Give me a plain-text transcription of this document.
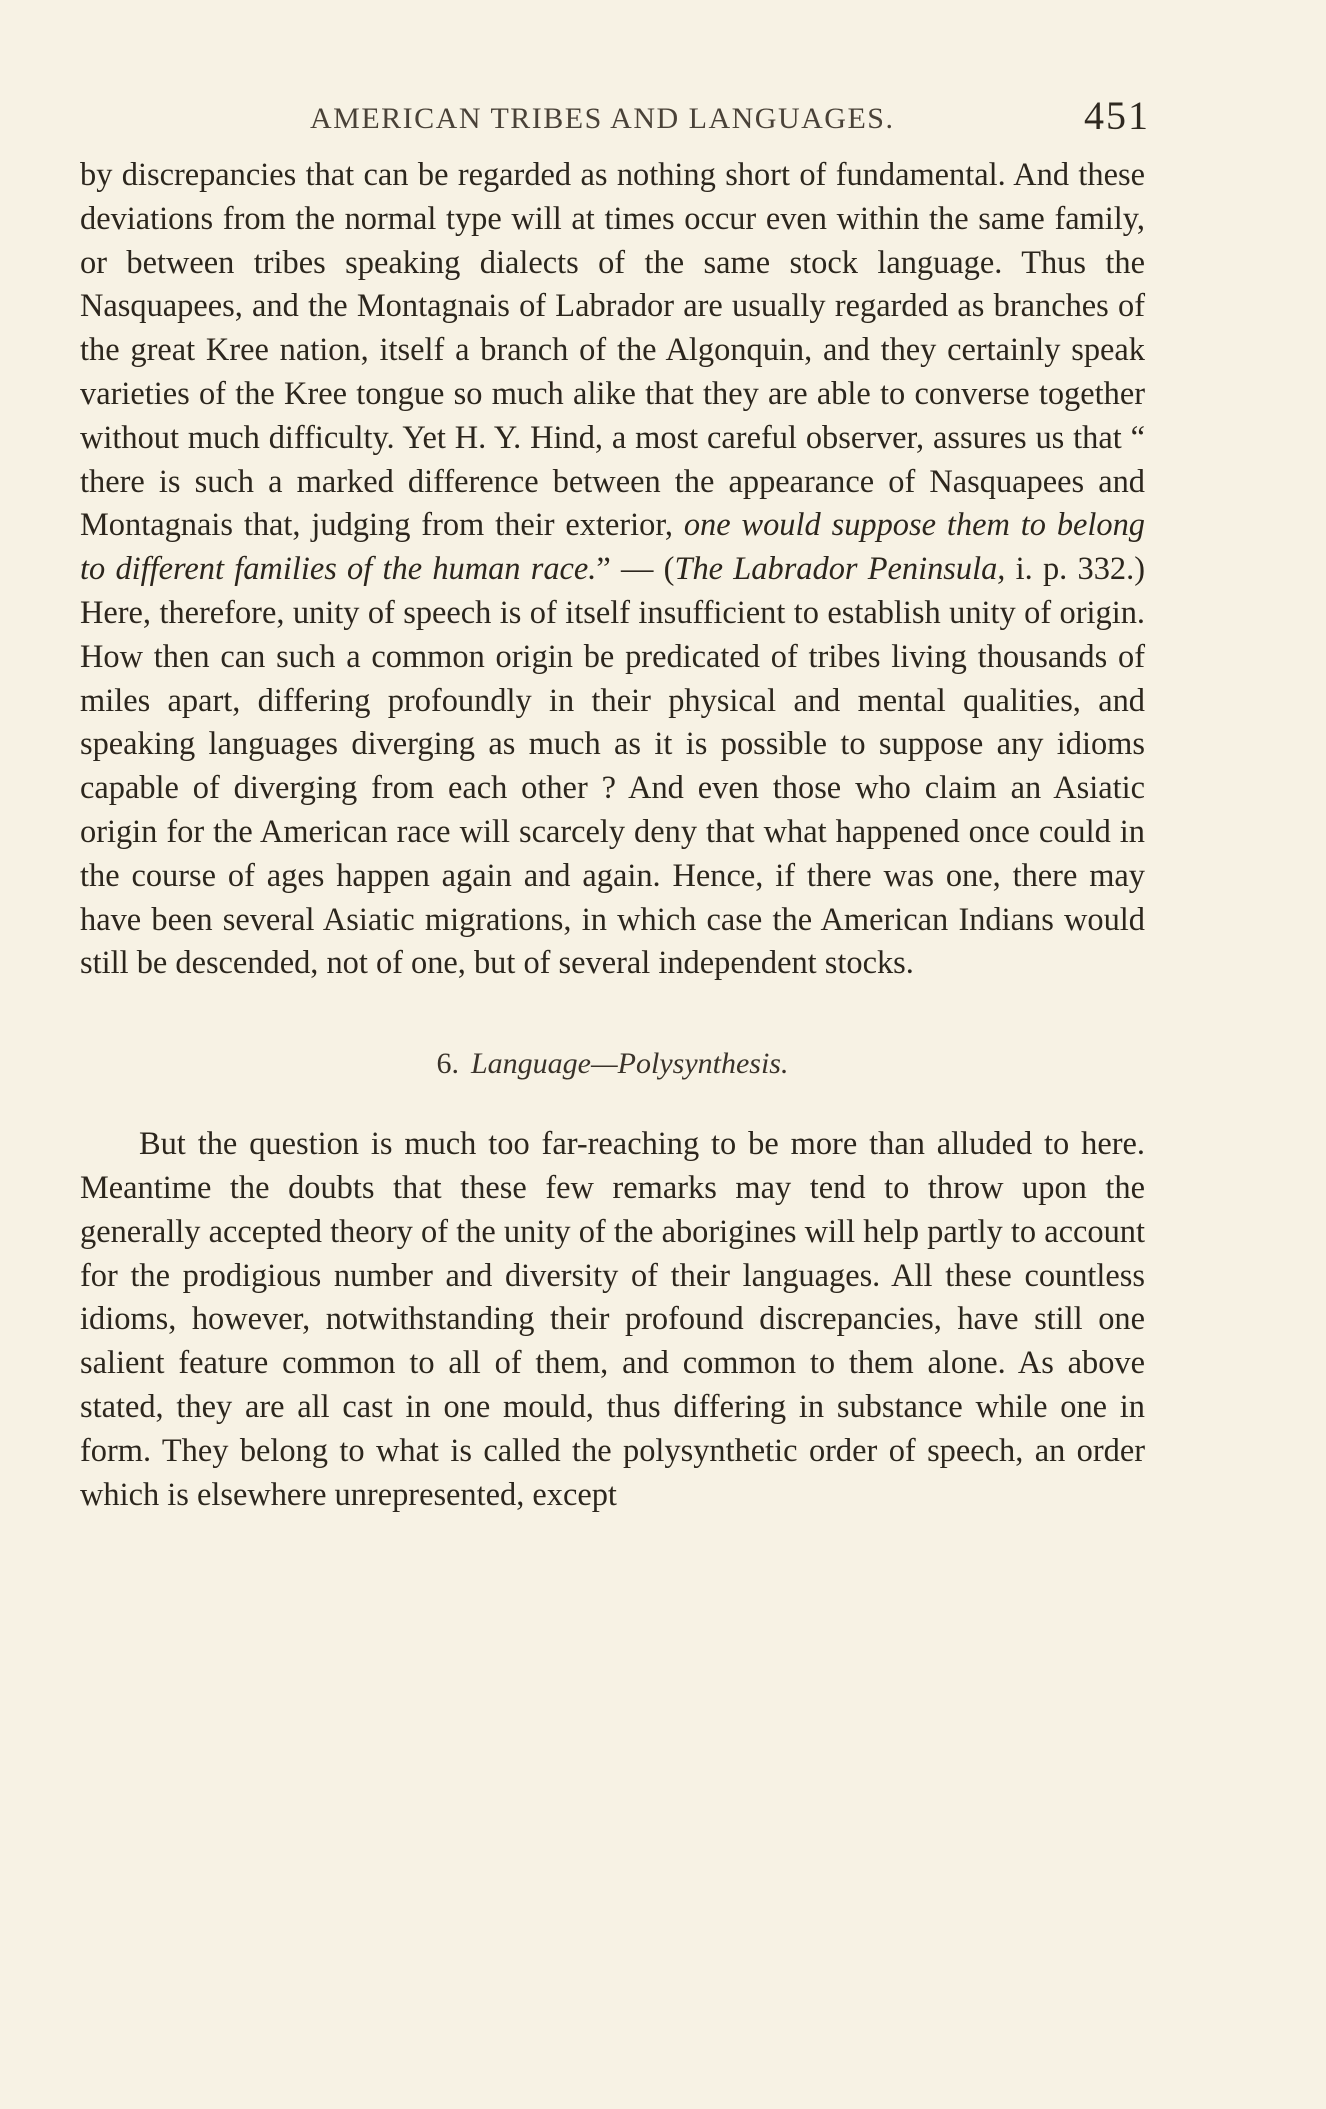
AMERICAN TRIBES AND LANGUAGES.	451

by discrepancies that can be regarded as nothing short of fundamental. And these deviations from the normal type will at times occur even within the same family, or between tribes speaking dialects of the same stock language. Thus the Nasquapees, and the Montagnais of Labrador are usually regarded as branches of the great Kree nation, itself a branch of the Algonquin, and they certainly speak varieties of the Kree tongue so much alike that they are able to converse together without much difficulty. Yet H. Y. Hind, a most careful observer, assures us that “ there is such a marked difference between the appearance of Nasquapees and Montagnais that, judging from their exterior, one would suppose them to belong to different families of the human race.” — (The Labrador Peninsula, i. p. 332.) Here, therefore, unity of speech is of itself insufficient to establish unity of origin. How then can such a common origin be predicated of tribes living thousands of miles apart, differing profoundly in their physical and mental qualities, and speaking languages diverging as much as it is possible to suppose any idioms capable of diverging from each other ? And even those who claim an Asiatic origin for the American race will scarcely deny that what happened once could in the course of ages happen again and again. Hence, if there was one, there may have been several Asiatic migrations, in which case the American Indians would still be descended, not of one, but of several independent stocks.

6. Language—Polysynthesis.

But the question is much too far-reaching to be more than alluded to here. Meantime the doubts that these few remarks may tend to throw upon the generally accepted theory of the unity of the aborigines will help partly to account for the prodigious number and diversity of their languages. All these countless idioms, however, notwithstanding their profound discrepancies, have still one salient feature common to all of them, and common to them alone. As above stated, they are all cast in one mould, thus differing in substance while one in form. They belong to what is called the polysynthetic order of speech, an order which is elsewhere unrepresented, except
